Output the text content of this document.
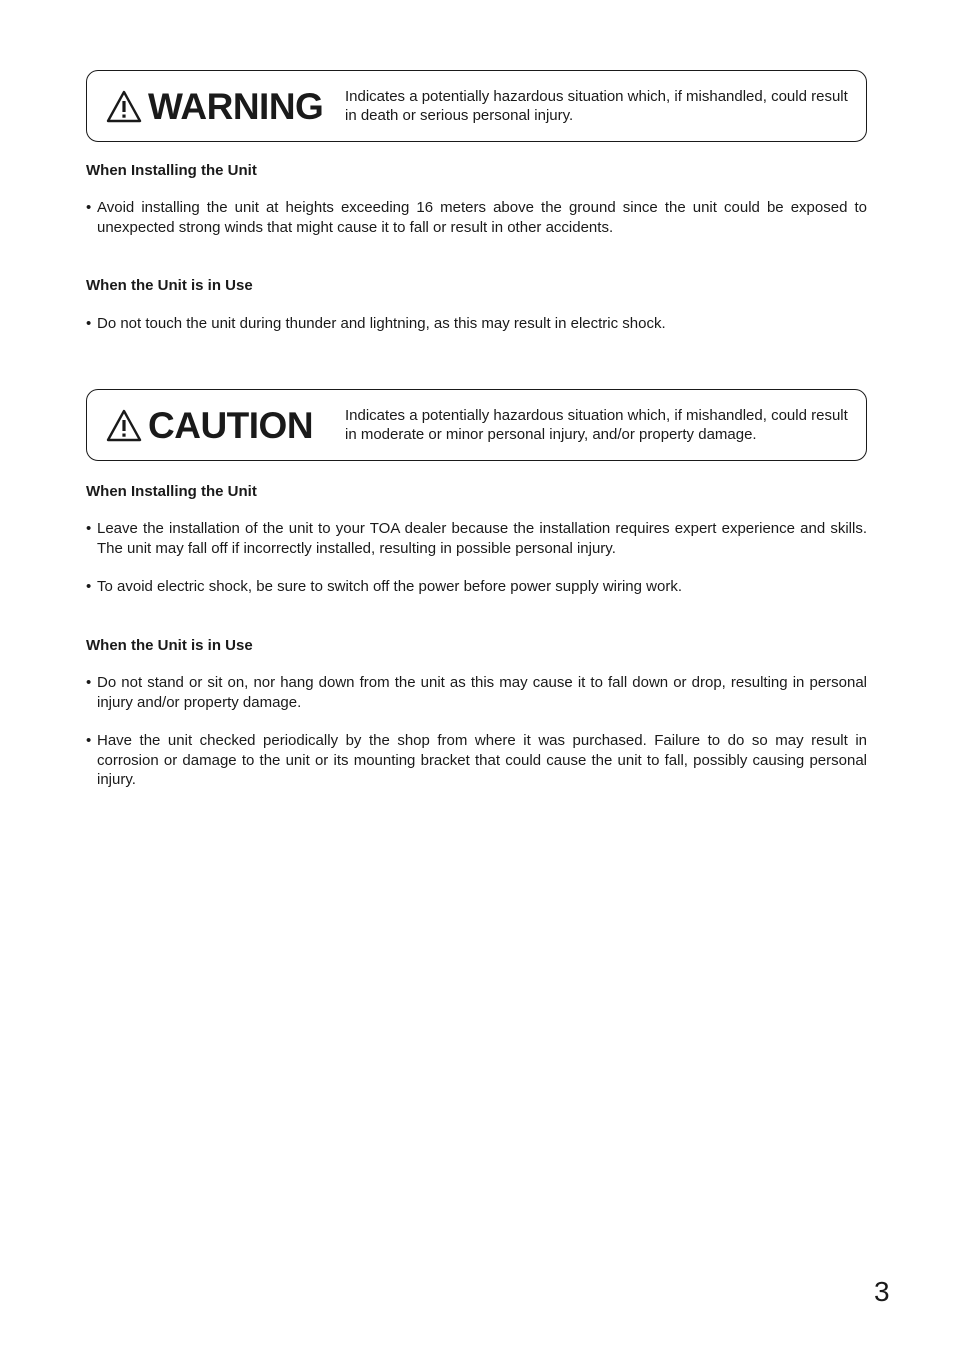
WARNING Indicates a potentially hazardous situation which, if mishandled, could result in death or serious personal injury.
When Installing the Unit
• Avoid installing the unit at heights exceeding 16 meters above the ground since the unit could be exposed to unexpected strong winds that might cause it to fall or result in other accidents.
When the Unit is in Use
• Do not touch the unit during thunder and lightning, as this may result in electric shock.
CAUTION Indicates a potentially hazardous situation which, if mishandled, could result in moderate or minor personal injury, and/or property damage.
When Installing the Unit
• Leave the installation of the unit to your TOA dealer because the installation requires expert experience and skills. The unit may fall off if incorrectly installed, resulting in possible personal injury.
• To avoid electric shock, be sure to switch off the power before power supply wiring work.
When the Unit is in Use
• Do not stand or sit on, nor hang down from the unit as this may cause it to fall down or drop, resulting in personal injury and/or property damage.
• Have the unit checked periodically by the shop from where it was purchased. Failure to do so may result in corrosion or damage to the unit or its mounting bracket that could cause the unit to fall, possibly causing personal injury.
3
